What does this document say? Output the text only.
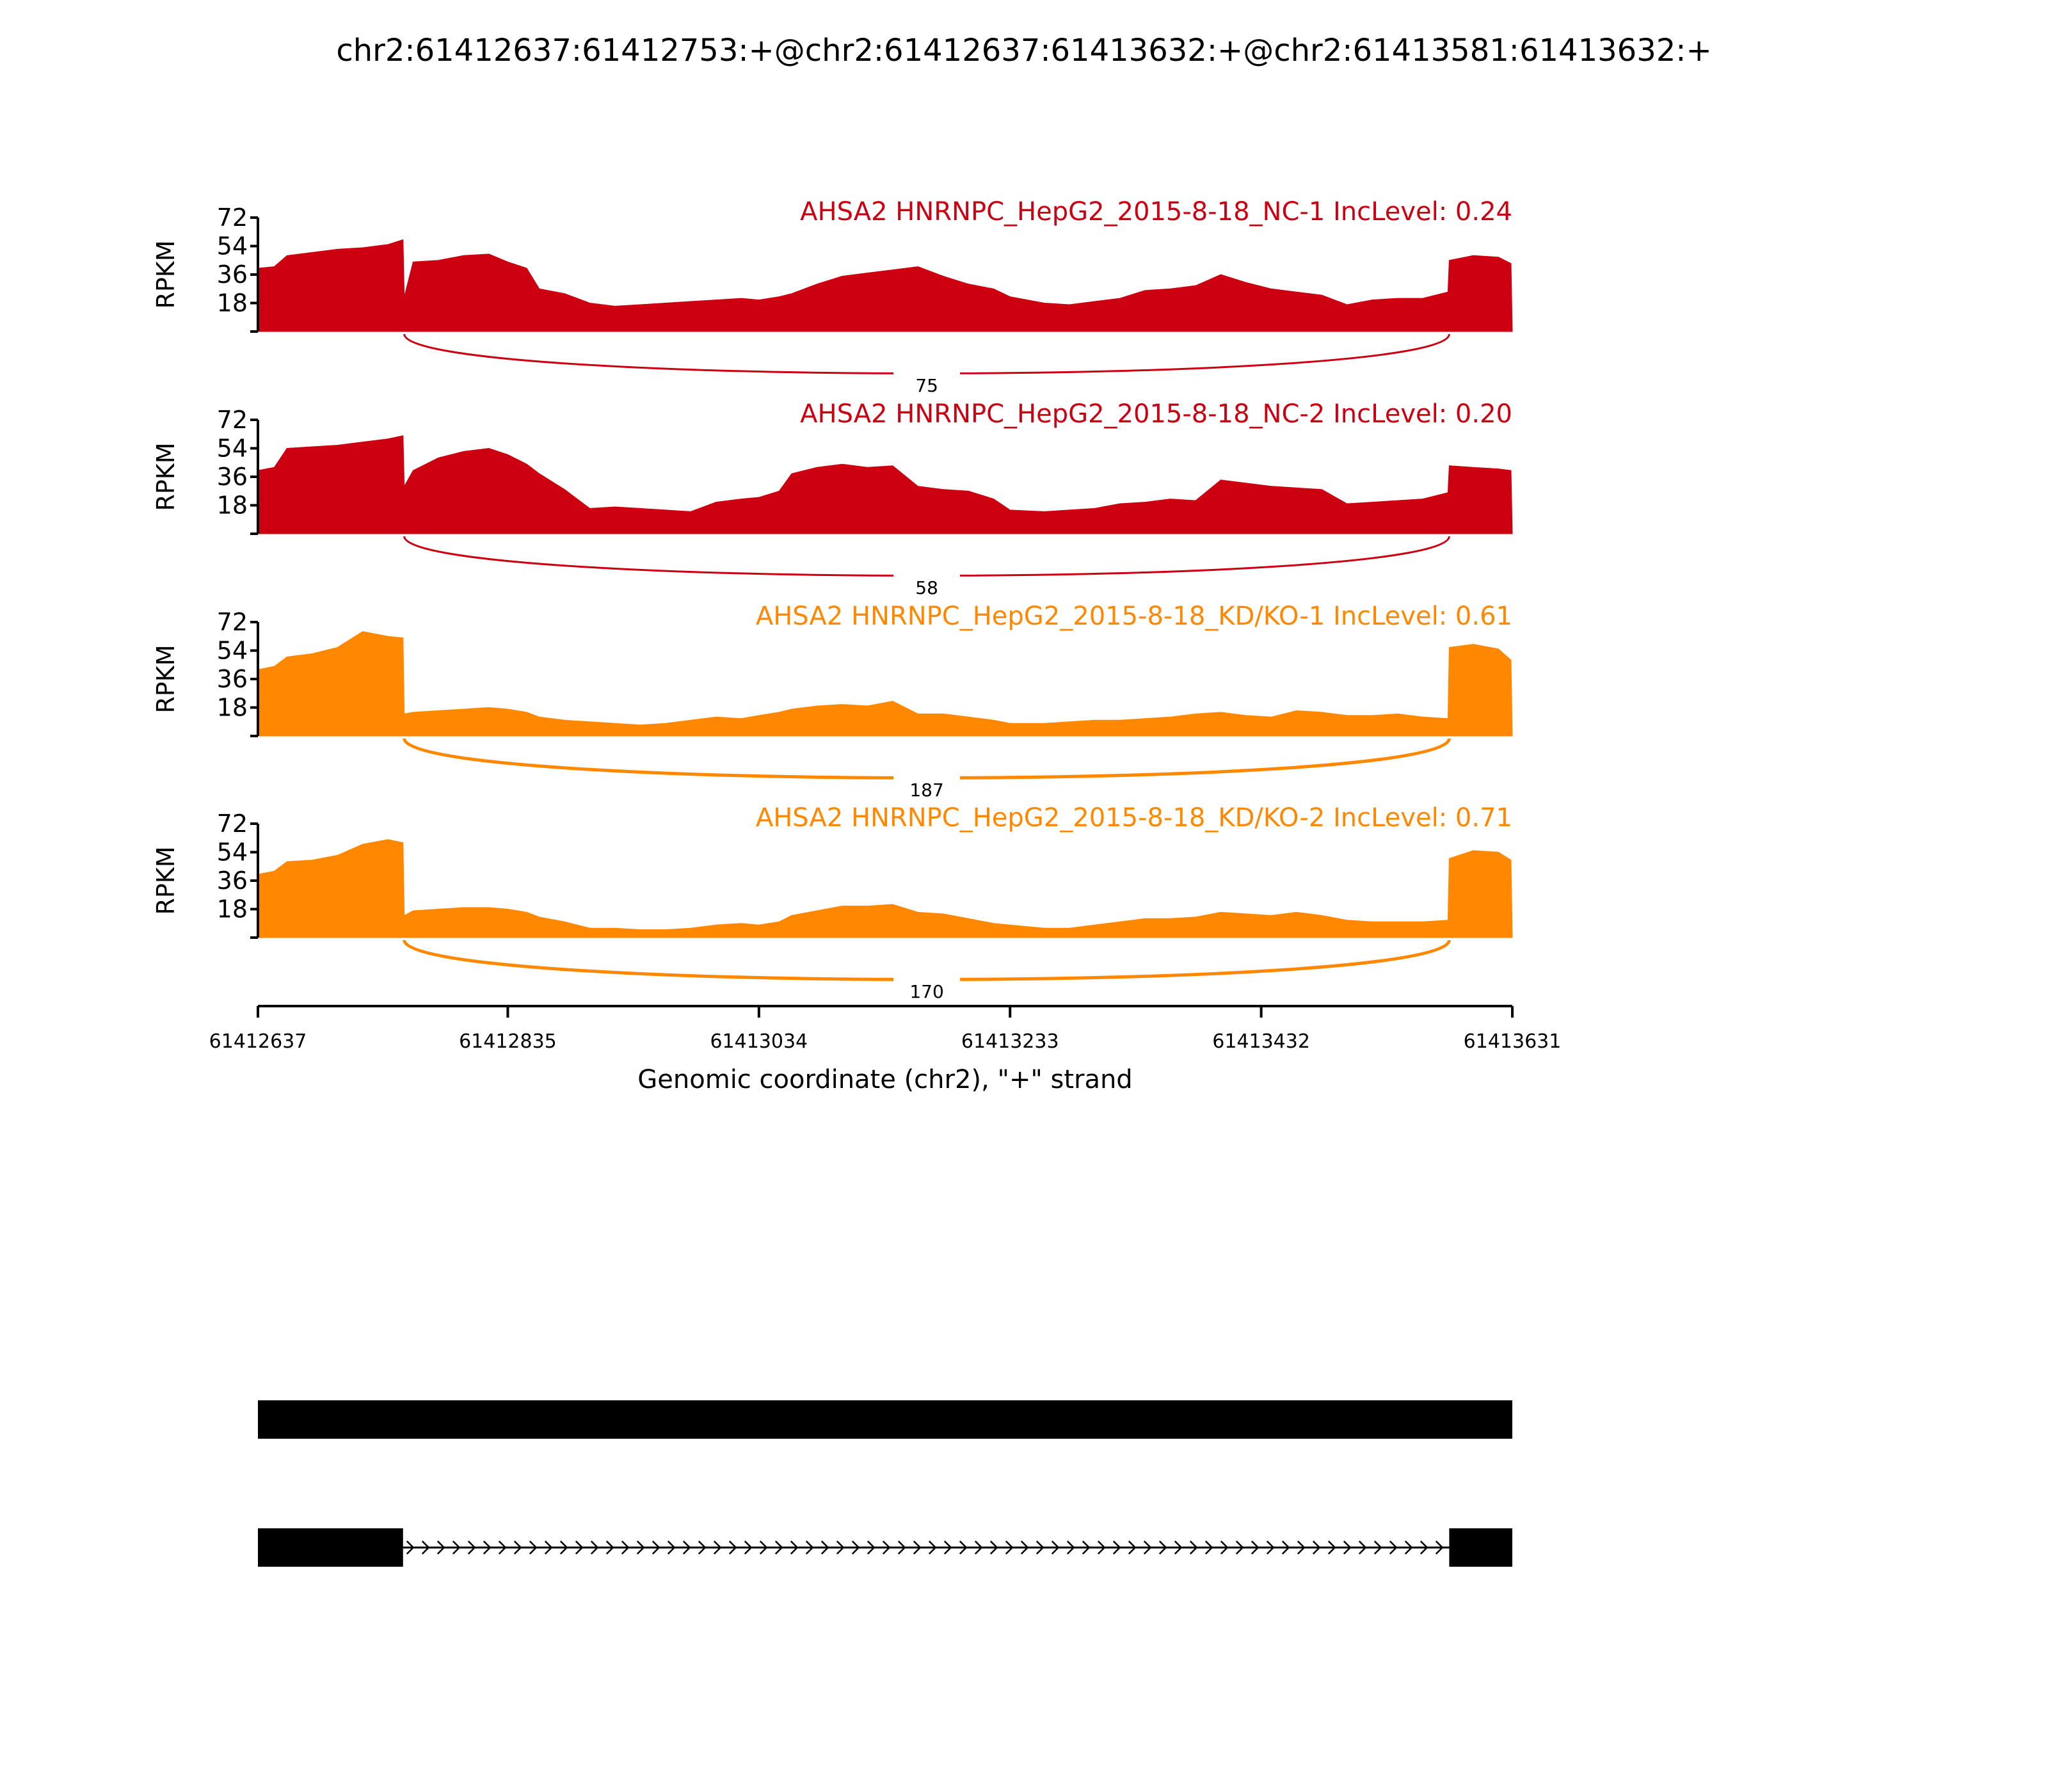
chr2:61412637:61412753:+@chr2:61412637:61413632:+@chr2:61413581:61413632:+
18
36
54
72
RPKM
AHSA2 HNRNPC_HepG2_2015-8-18_NC-1 IncLevel: 0.24
75
18
36
54
72
RPKM
AHSA2 HNRNPC_HepG2_2015-8-18_NC-2 IncLevel: 0.20
58
18
36
54
72
RPKM
AHSA2 HNRNPC_HepG2_2015-8-18_KD/KO-1 IncLevel: 0.61
187
18
36
54
72
RPKM
AHSA2 HNRNPC_HepG2_2015-8-18_KD/KO-2 IncLevel: 0.71
170
61412637	61412835	61413034	61413233	61413432	61413631
Genomic coordinate (chr2), "+" strand
